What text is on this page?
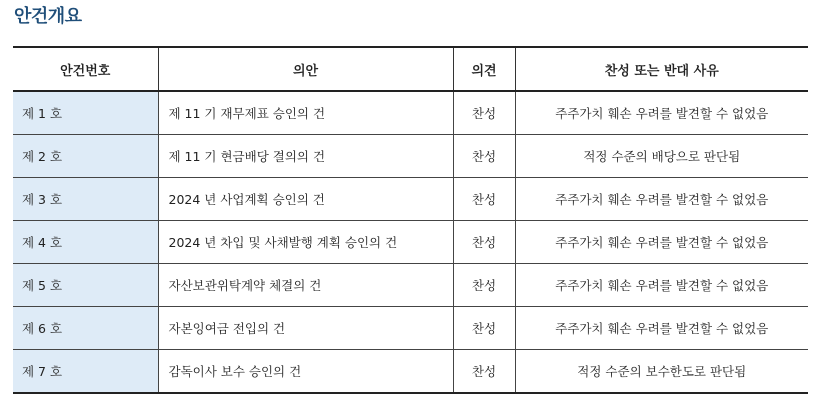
안건개요
안건번호	의안	의견	찬성 또는 반대 사유
제 1 호	제 11 기 재무제표 승인의 건	찬성	주주가치 훼손 우려를 발견할 수 없었음
제 2 호	제 11 기 현금배당 결의의 건	찬성	적정 수준의 배당으로 판단됨
제 3 호	2024 년 사업계획 승인의 건	찬성	주주가치 훼손 우려를 발견할 수 없었음
제 4 호	2024 년 차입 및 사채발행 계획 승인의 건	찬성	주주가치 훼손 우려를 발견할 수 없었음
제 5 호	자산보관위탁계약 체결의 건	찬성	주주가치 훼손 우려를 발견할 수 없었음
제 6 호	자본잉여금 전입의 건	찬성	주주가치 훼손 우려를 발견할 수 없었음
제 7 호	감독이사 보수 승인의 건	찬성	적정 수준의 보수한도로 판단됨
